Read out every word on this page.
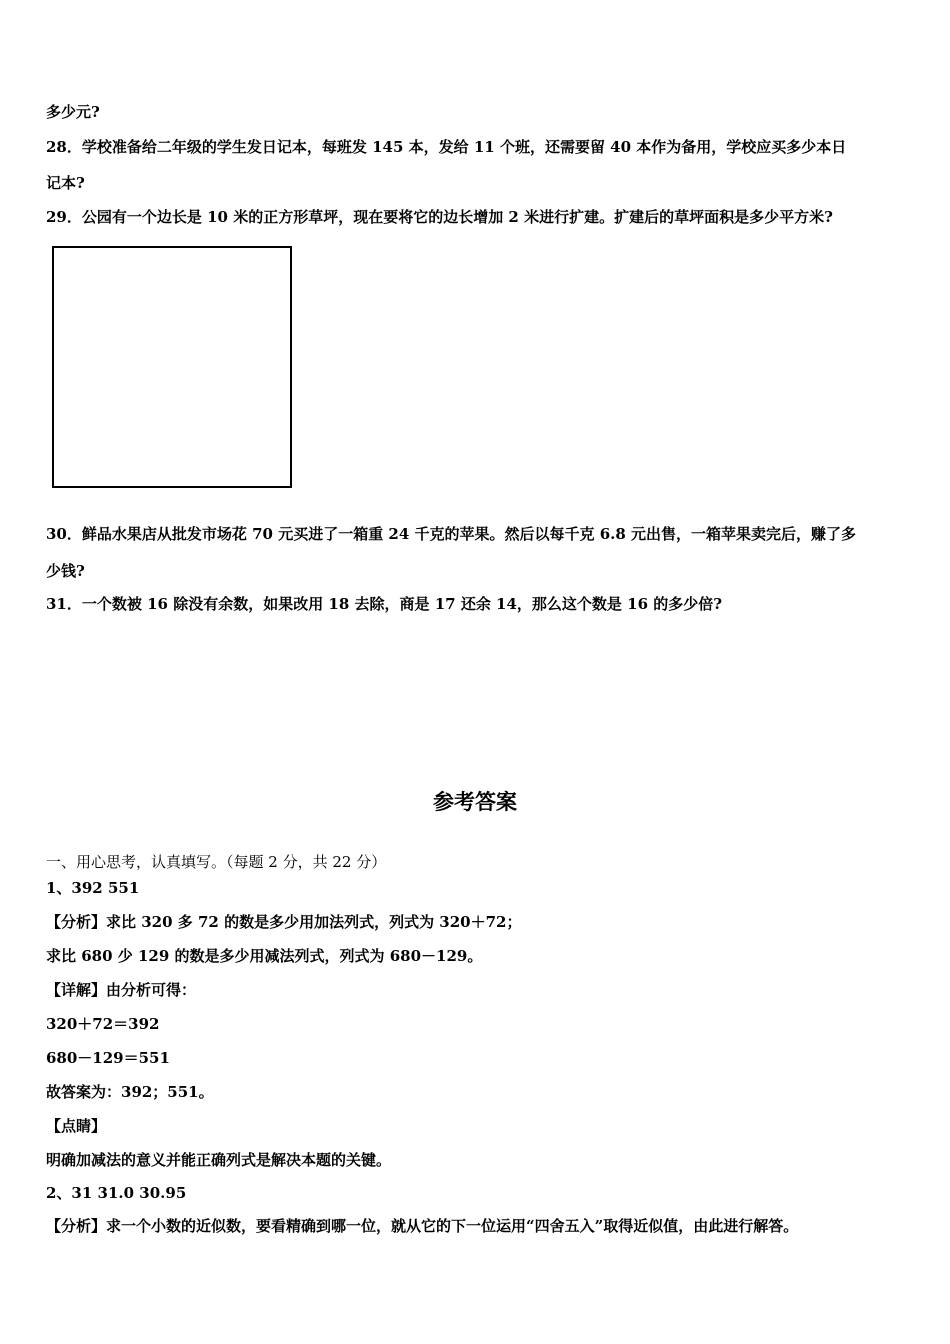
多少元?
28．学校准备给二年级的学生发日记本，每班发 145 本，发给 11 个班，还需要留 40 本作为备用，学校应买多少本日
记本?
29．公园有一个边长是 10 米的正方形草坪，现在要将它的边长增加 2 米进行扩建。扩建后的草坪面积是多少平方米?
30．鲜品水果店从批发市场花 70 元买进了一箱重 24 千克的苹果。然后以每千克 6.8 元出售，一箱苹果卖完后，赚了多
少钱?
31．一个数被 16 除没有余数，如果改用 18 去除，商是 17 还余 14，那么这个数是 16 的多少倍?
参考答案
一、用心思考，认真填写。（每题 2 分，共 22 分）
1、392 551
【分析】求比 320 多 72 的数是多少用加法列式，列式为 320＋72；
求比 680 少 129 的数是多少用减法列式，列式为 680－129。
【详解】由分析可得：
320＋72＝392
680－129＝551
故答案为：392；551。
【点睛】
明确加减法的意义并能正确列式是解决本题的关键。
2、31 31.0 30.95
【分析】求一个小数的近似数，要看精确到哪一位，就从它的下一位运用“四舍五入”取得近似值，由此进行解答。
